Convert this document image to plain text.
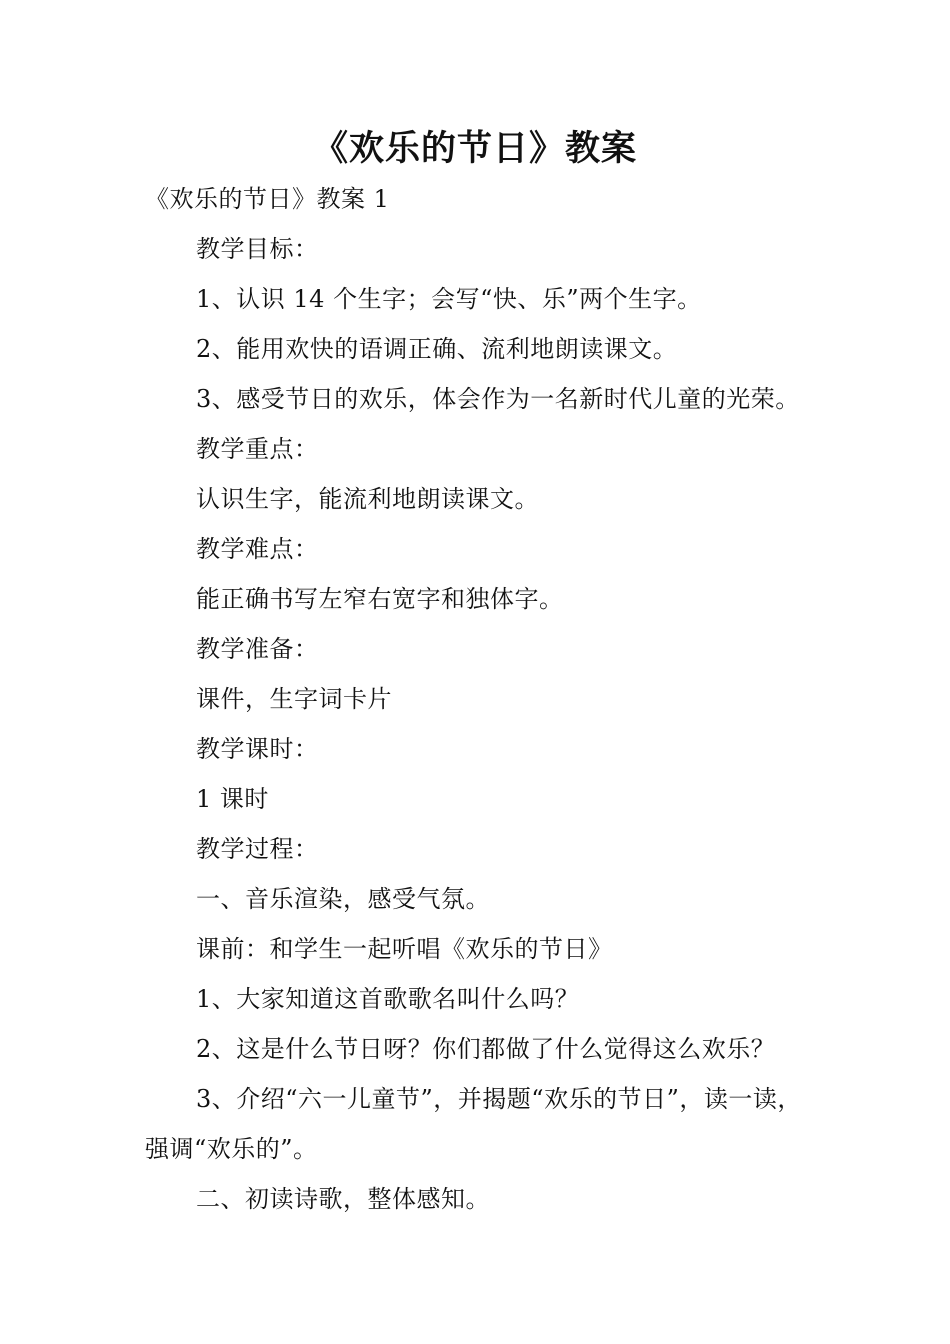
《欢乐的节日》教案
《欢乐的节日》教案 1
教学目标：
1、认识 14 个生字；会写“快、乐”两个生字。
2、能用欢快的语调正确、流利地朗读课文。
3、感受节日的欢乐，体会作为一名新时代儿童的光荣。
教学重点：
认识生字，能流利地朗读课文。
教学难点：
能正确书写左窄右宽字和独体字。
教学准备：
课件，生字词卡片
教学课时：
1 课时
教学过程：
一、音乐渲染，感受气氛。
课前：和学生一起听唱《欢乐的节日》
1、大家知道这首歌歌名叫什么吗？
2、这是什么节日呀？你们都做了什么觉得这么欢乐？
3、介绍“六一儿童节”，并揭题“欢乐的节日”，读一读，强调“欢乐的”。
二、初读诗歌，整体感知。
